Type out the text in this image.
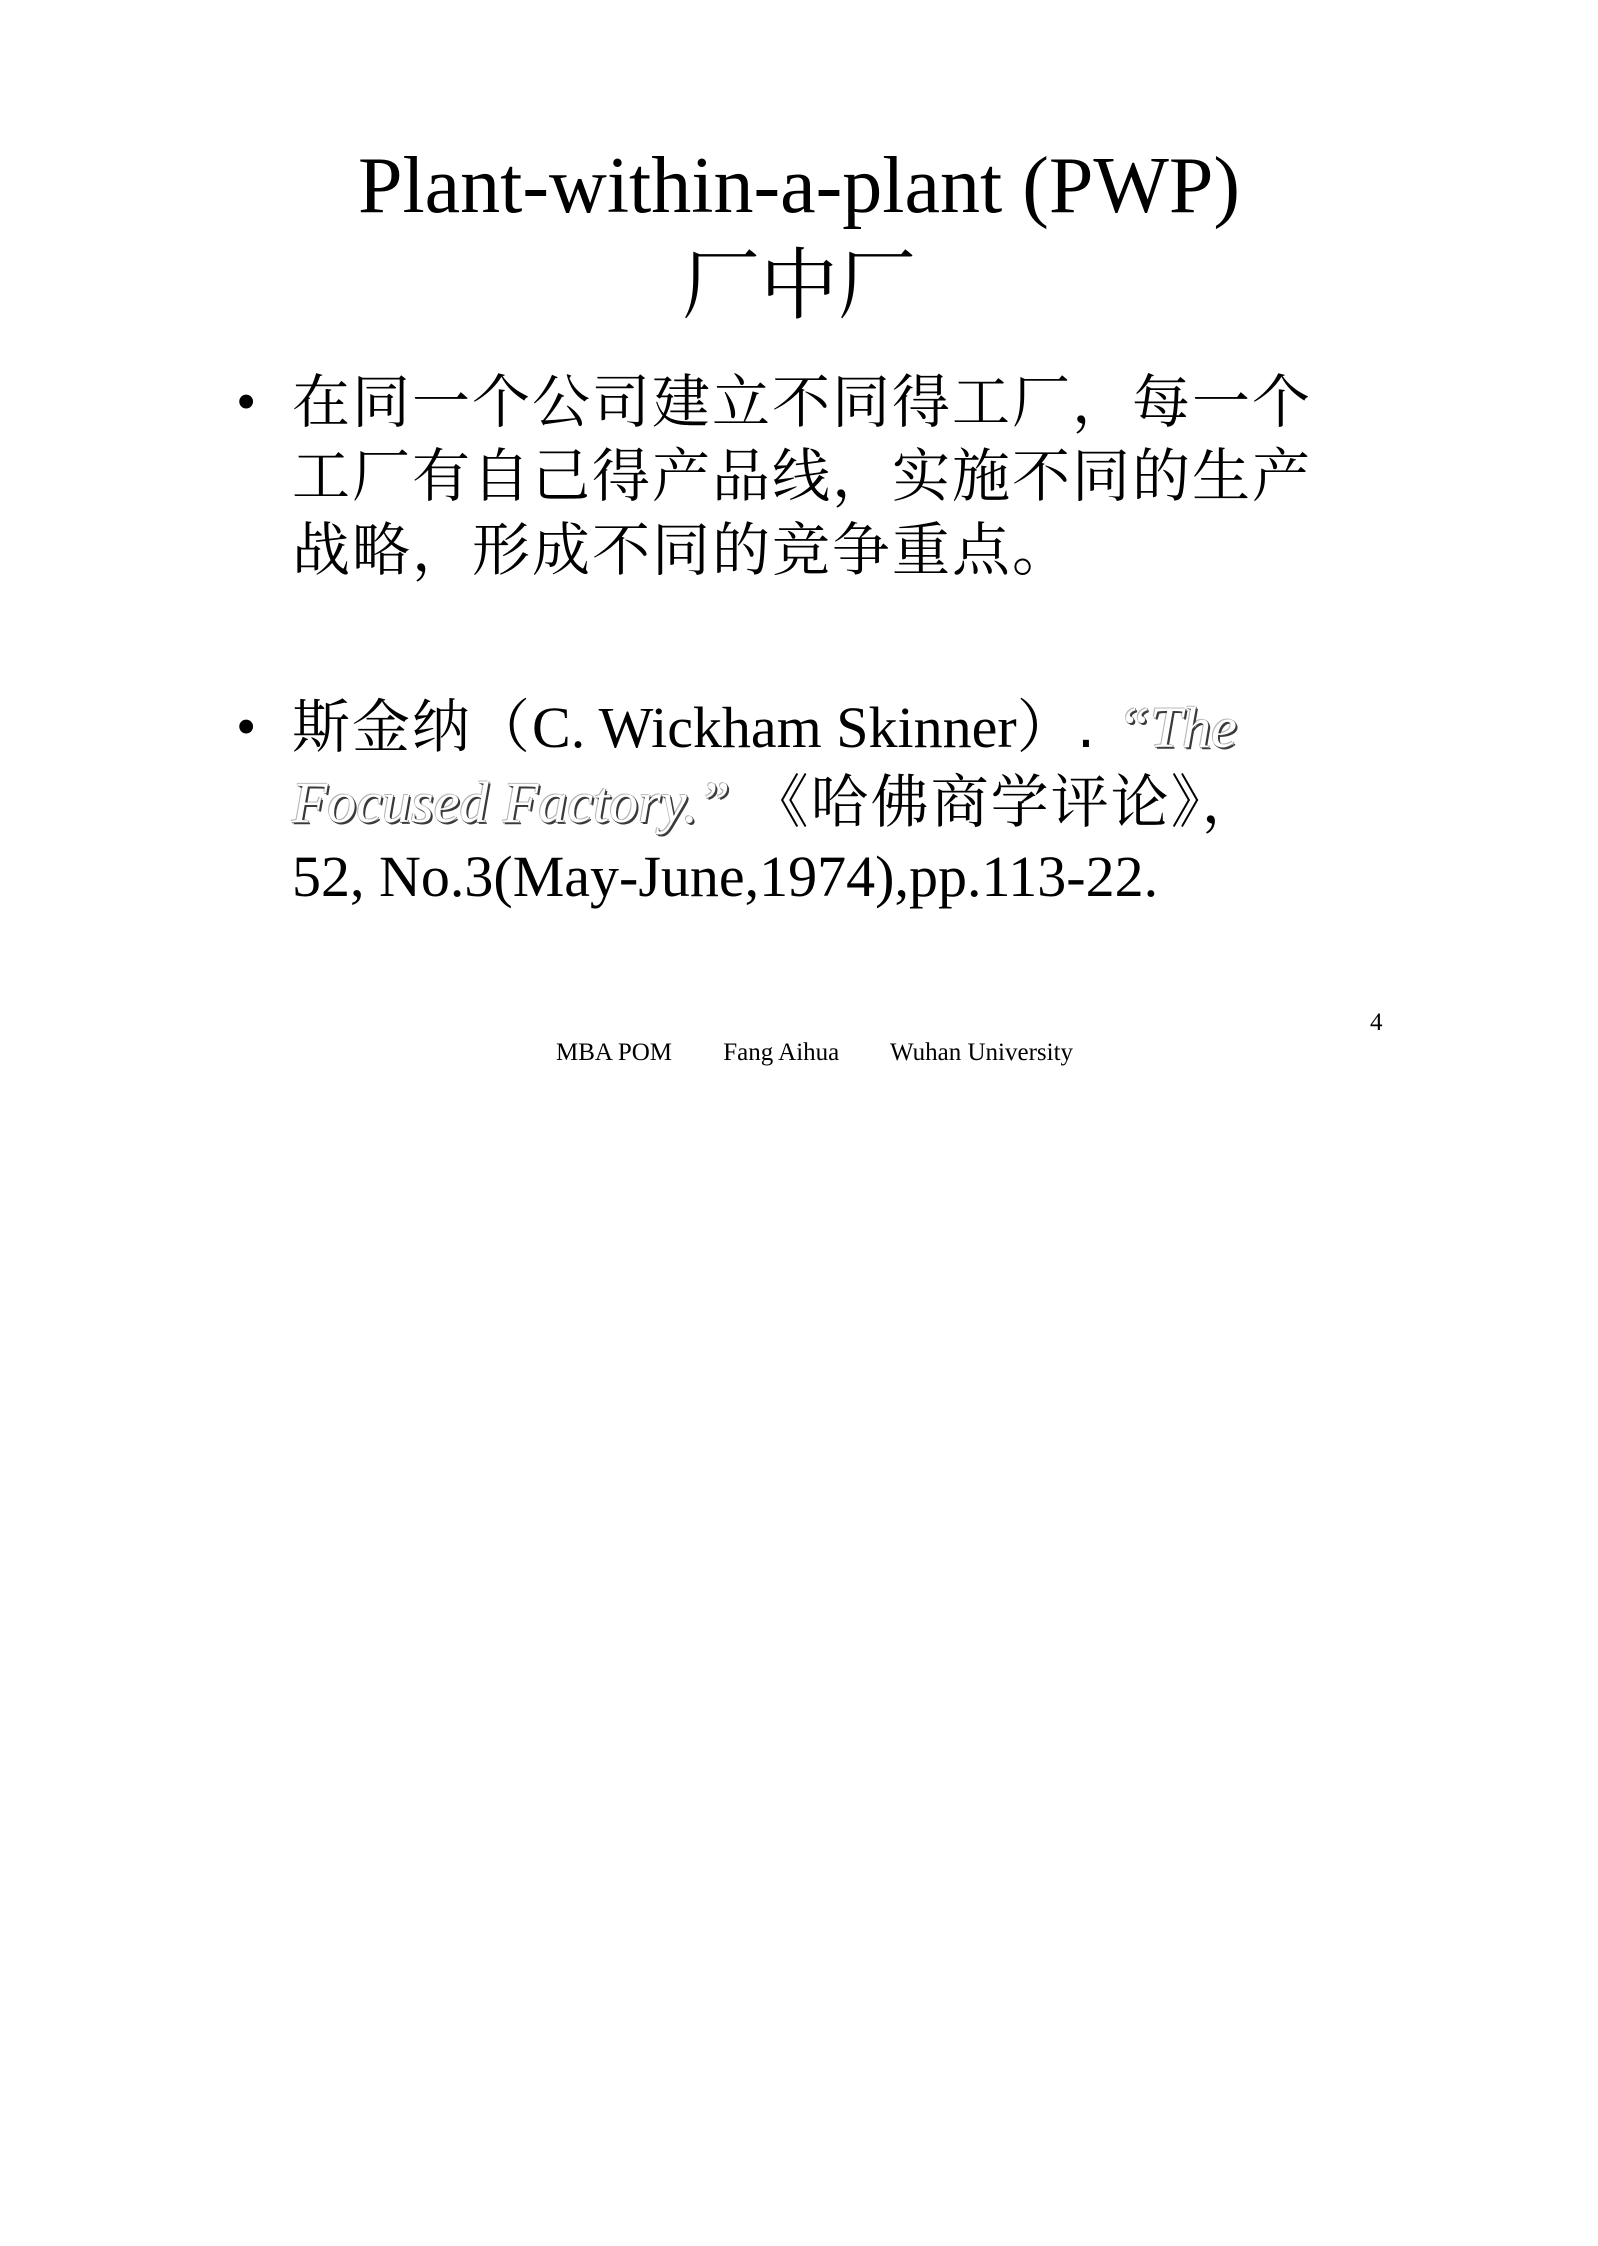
Plant-within-a-plant (PWP)
厂中厂
• 在同一个公司建立不同得工厂，每一个
工厂有自己得产品线，实施不同的生产
战略，形成不同的竞争重点。
• 斯金纳（C. Wickham Skinner）. “The
Focused Factory.” 《哈佛商学评论》，
52, No.3(May-June,1974),pp.113-22.
4
MBA POM Fang Aihua Wuhan University
